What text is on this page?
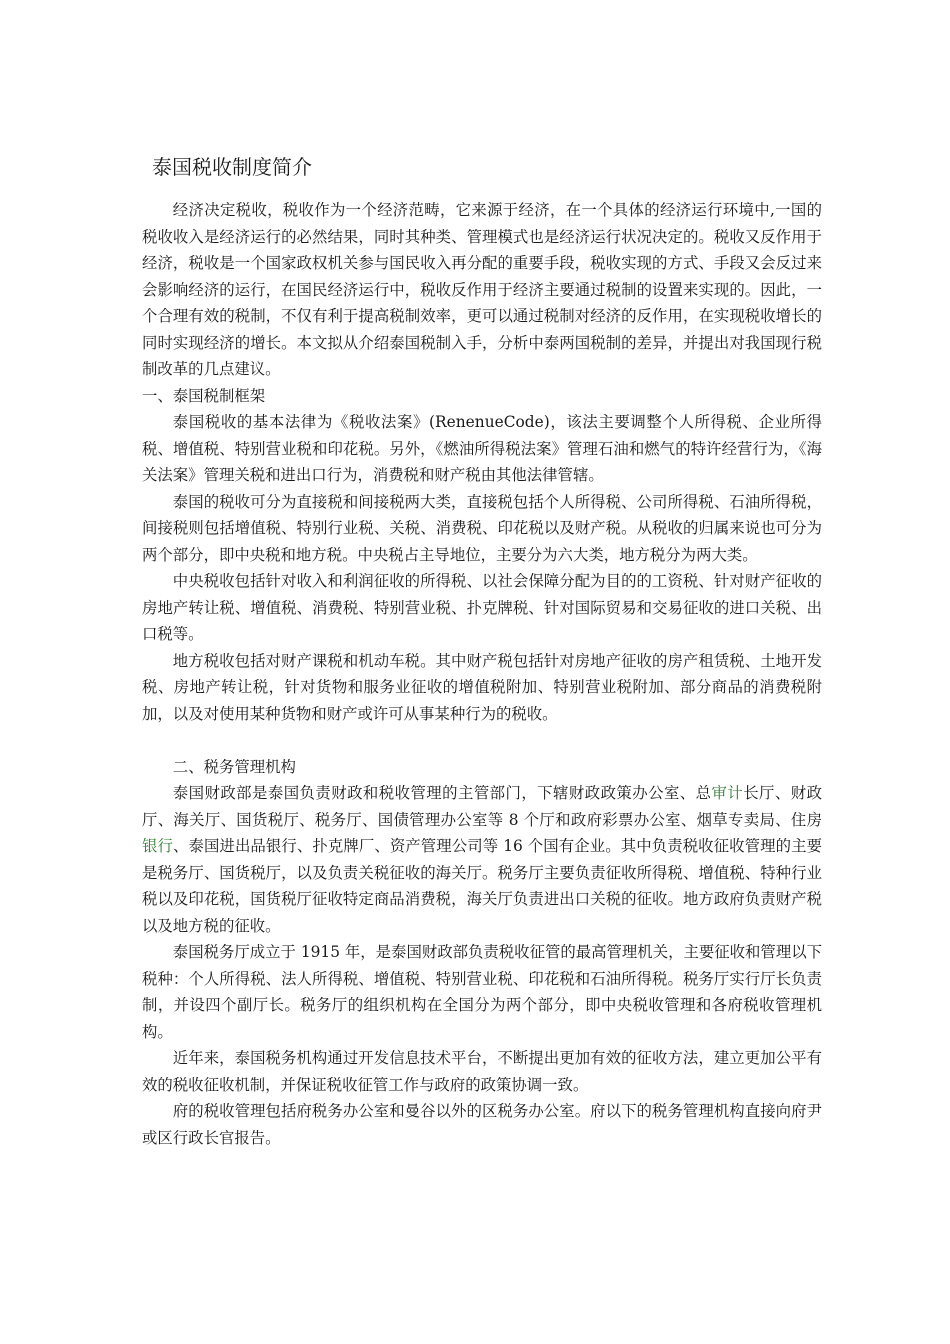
泰国税收制度简介

经济决定税收，税收作为一个经济范畴，它来源于经济，在一个具体的经济运行环境中,一国的税收收入是经济运行的必然结果，同时其种类、管理模式也是经济运行状况决定的。税收又反作用于经济，税收是一个国家政权机关参与国民收入再分配的重要手段，税收实现的方式、手段又会反过来会影响经济的运行，在国民经济运行中，税收反作用于经济主要通过税制的设置来实现的。因此，一个合理有效的税制，不仅有利于提高税制效率，更可以通过税制对经济的反作用，在实现税收增长的同时实现经济的增长。本文拟从介绍泰国税制入手，分析中泰两国税制的差异，并提出对我国现行税制改革的几点建议。

一、泰国税制框架

泰国税收的基本法律为《税收法案》(RenenueCode)，该法主要调整个人所得税、企业所得税、增值税、特别营业税和印花税。另外，《燃油所得税法案》管理石油和燃气的特许经营行为，《海关法案》管理关税和进出口行为，消费税和财产税由其他法律管辖。

泰国的税收可分为直接税和间接税两大类，直接税包括个人所得税、公司所得税、石油所得税，间接税则包括增值税、特别行业税、关税、消费税、印花税以及财产税。从税收的归属来说也可分为两个部分，即中央税和地方税。中央税占主导地位，主要分为六大类，地方税分为两大类。

中央税收包括针对收入和利润征收的所得税、以社会保障分配为目的的工资税、针对财产征收的房地产转让税、增值税、消费税、特别营业税、扑克牌税、针对国际贸易和交易征收的进口关税、出口税等。

地方税收包括对财产课税和机动车税。其中财产税包括针对房地产征收的房产租赁税、土地开发税、房地产转让税，针对货物和服务业征收的增值税附加、特别营业税附加、部分商品的消费税附加，以及对使用某种货物和财产或许可从事某种行为的税收。

二、税务管理机构

泰国财政部是泰国负责财政和税收管理的主管部门，下辖财政政策办公室、总审计长厅、财政厅、海关厅、国货税厅、税务厅、国债管理办公室等 8 个厅和政府彩票办公室、烟草专卖局、住房银行、泰国进出品银行、扑克牌厂、资产管理公司等 16 个国有企业。其中负责税收征收管理的主要是税务厅、国货税厅，以及负责关税征收的海关厅。税务厅主要负责征收所得税、增值税、特种行业税以及印花税，国货税厅征收特定商品消费税，海关厅负责进出口关税的征收。地方政府负责财产税以及地方税的征收。

泰国税务厅成立于 1915 年，是泰国财政部负责税收征管的最高管理机关，主要征收和管理以下税种：个人所得税、法人所得税、增值税、特别营业税、印花税和石油所得税。税务厅实行厅长负责制，并设四个副厅长。税务厅的组织机构在全国分为两个部分，即中央税收管理和各府税收管理机构。

近年来，泰国税务机构通过开发信息技术平台，不断提出更加有效的征收方法，建立更加公平有效的税收征收机制，并保证税收征管工作与政府的政策协调一致。

府的税收管理包括府税务办公室和曼谷以外的区税务办公室。府以下的税务管理机构直接向府尹或区行政长官报告。
